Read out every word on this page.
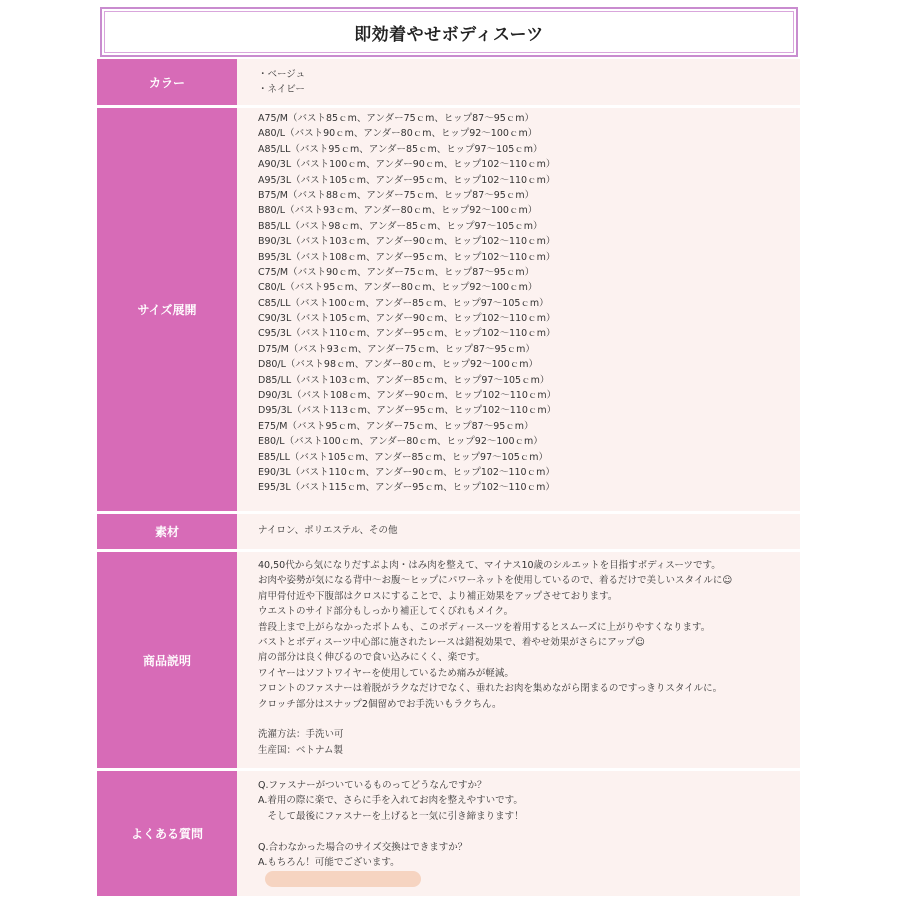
即効着やせボディスーツ
カラー
・ベージュ
・ネイビー
サイズ展開
A75/M（バスト85ｃm、アンダー75ｃm、ヒップ87～95ｃm）
A80/L（バスト90ｃm、アンダー80ｃm、ヒップ92～100ｃm）
A85/LL（バスト95ｃm、アンダー85ｃm、ヒップ97～105ｃm）
A90/3L（バスト100ｃm、アンダー90ｃm、ヒップ102～110ｃm）
A95/3L（バスト105ｃm、アンダー95ｃm、ヒップ102～110ｃm）
B75/M（バスト88ｃm、アンダー75ｃm、ヒップ87～95ｃm）
B80/L（バスト93ｃm、アンダー80ｃm、ヒップ92～100ｃm）
B85/LL（バスト98ｃm、アンダー85ｃm、ヒップ97～105ｃm）
B90/3L（バスト103ｃm、アンダー90ｃm、ヒップ102～110ｃm）
B95/3L（バスト108ｃm、アンダー95ｃm、ヒップ102～110ｃm）
C75/M（バスト90ｃm、アンダー75ｃm、ヒップ87～95ｃm）
C80/L（バスト95ｃm、アンダー80ｃm、ヒップ92～100ｃm）
C85/LL（バスト100ｃm、アンダー85ｃm、ヒップ97～105ｃm）
C90/3L（バスト105ｃm、アンダー90ｃm、ヒップ102～110ｃm）
C95/3L（バスト110ｃm、アンダー95ｃm、ヒップ102～110ｃm）
D75/M（バスト93ｃm、アンダー75ｃm、ヒップ87～95ｃm）
D80/L（バスト98ｃm、アンダー80ｃm、ヒップ92～100ｃm）
D85/LL（バスト103ｃm、アンダー85ｃm、ヒップ97～105ｃm）
D90/3L（バスト108ｃm、アンダー90ｃm、ヒップ102～110ｃm）
D95/3L（バスト113ｃm、アンダー95ｃm、ヒップ102～110ｃm）
E75/M（バスト95ｃm、アンダー75ｃm、ヒップ87～95ｃm）
E80/L（バスト100ｃm、アンダー80ｃm、ヒップ92～100ｃm）
E85/LL（バスト105ｃm、アンダー85ｃm、ヒップ97～105ｃm）
E90/3L（バスト110ｃm、アンダー90ｃm、ヒップ102～110ｃm）
E95/3L（バスト115ｃm、アンダー95ｃm、ヒップ102～110ｃm）
素材	ナイロン、ポリエステル、その他
商品説明
40,50代から気になりだすぷよ肉・はみ肉を整えて、マイナス10歳のシルエットを目指すボディスーツです。
お肉や姿勢が気になる背中～お腹～ヒップにパワーネットを使用しているので、着るだけで美しいスタイルに☺
肩甲骨付近や下腹部はクロスにすることで、より補正効果をアップさせております。
ウエストのサイド部分もしっかり補正してくびれもメイク。
普段上まで上がらなかったボトムも、このボディースーツを着用するとスムーズに上がりやすくなります。
バストとボディスーツ中心部に施されたレースは錯視効果で、着やせ効果がさらにアップ☺
肩の部分は良く伸びるので食い込みにくく、楽です。
ワイヤーはソフトワイヤーを使用しているため痛みが軽減。
フロントのファスナーは着脱がラクなだけでなく、垂れたお肉を集めながら閉まるのですっきりスタイルに。
クロッチ部分はスナップ2個留めでお手洗いもラクちん。
洗濯方法：手洗い可
生産国：ベトナム製
よくある質問
Q.ファスナーがついているものってどうなんですか？
A.着用の際に楽で、さらに手を入れてお肉を整えやすいです。
　そして最後にファスナーを上げると一気に引き締まります！
Q.合わなかった場合のサイズ交換はできますか？
A.もちろん！可能でございます。
